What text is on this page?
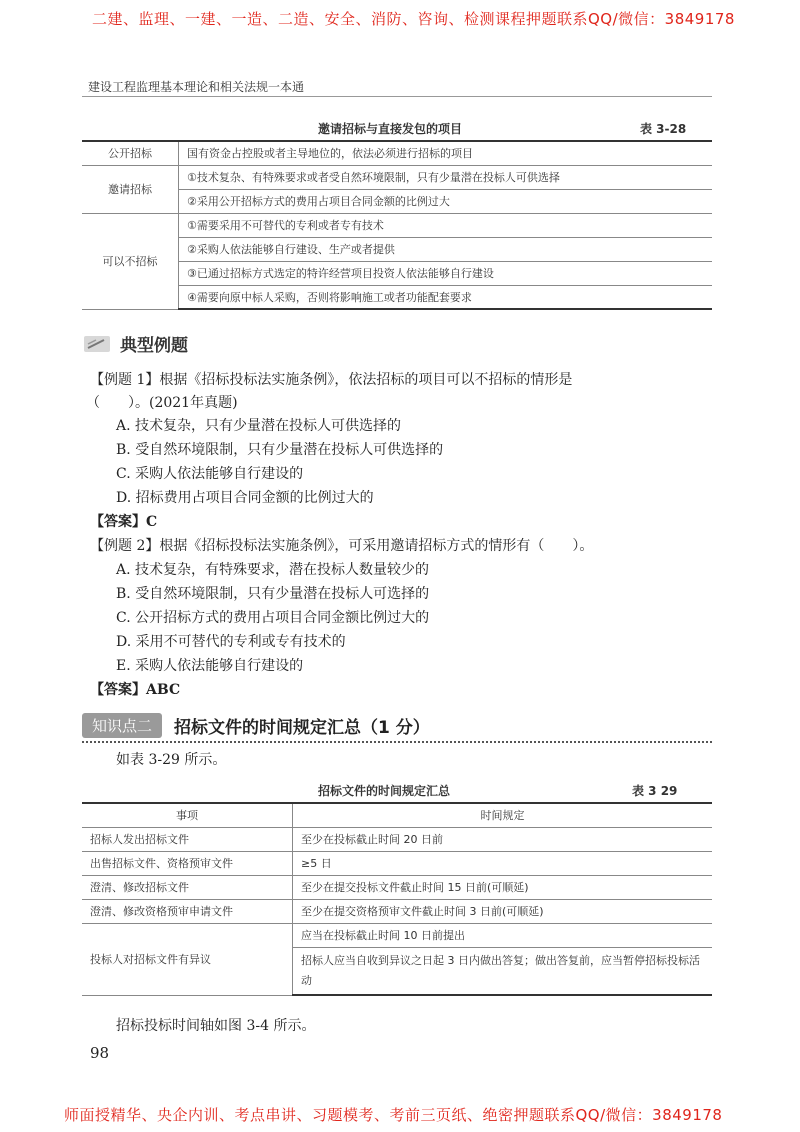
二建、监理、一建、一造、二造、安全、消防、咨询、检测课程押题联系QQ/微信：3849178
建设工程监理基本理论和相关法规一本通
邀请招标与直接发包的项目	表 3-28
公开招标	国有资金占控股或者主导地位的，依法必须进行招标的项目
邀请招标	①技术复杂、有特殊要求或者受自然环境限制，只有少量潜在投标人可供选择
	②采用公开招标方式的费用占项目合同金额的比例过大
可以不招标	①需要采用不可替代的专利或者专有技术
	②采购人依法能够自行建设、生产或者提供
	③已通过招标方式选定的特许经营项目投资人依法能够自行建设
	④需要向原中标人采购，否则将影响施工或者功能配套要求
典型例题
【例题 1】根据《招标投标法实施条例》，依法招标的项目可以不招标的情形是
（　　）。(2021年真题)
A. 技术复杂，只有少量潜在投标人可供选择的
B. 受自然环境限制，只有少量潜在投标人可供选择的
C. 采购人依法能够自行建设的
D. 招标费用占项目合同金额的比例过大的
【答案】C
【例题 2】根据《招标投标法实施条例》，可采用邀请招标方式的情形有（　　）。
A. 技术复杂，有特殊要求，潜在投标人数量较少的
B. 受自然环境限制，只有少量潜在投标人可选择的
C. 公开招标方式的费用占项目合同金额比例过大的
D. 采用不可替代的专利或专有技术的
E. 采购人依法能够自行建设的
【答案】ABC
知识点二	招标文件的时间规定汇总（1 分）
如表 3-29 所示。
招标文件的时间规定汇总	表 3 29
事项	时间规定
招标人发出招标文件	至少在投标截止时间 20 日前
出售招标文件、资格预审文件	≥5 日
澄清、修改招标文件	至少在提交投标文件截止时间 15 日前(可顺延)
澄清、修改资格预审申请文件	至少在提交资格预审文件截止时间 3 日前(可顺延)
投标人对招标文件有异议	应当在投标截止时间 10 日前提出
	招标人应当自收到异议之日起 3 日内做出答复；做出答复前，应当暂停招标投标活动
招标投标时间轴如图 3-4 所示。
98
师面授精华、央企内训、考点串讲、习题模考、考前三页纸、绝密押题联系QQ/微信：3849178
